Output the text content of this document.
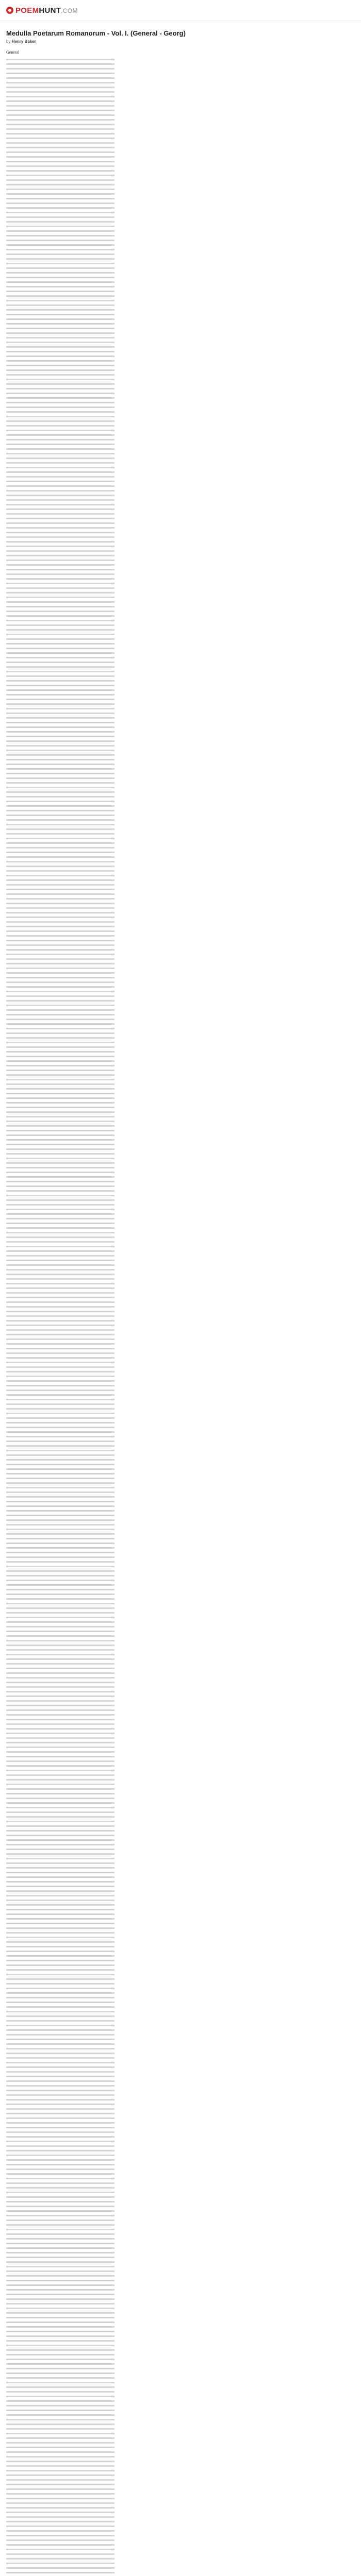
POEMHUNT.COM
Medulla Poetarum Romanorum - Vol. I. (General - Georg)

by Henry Baker

General
